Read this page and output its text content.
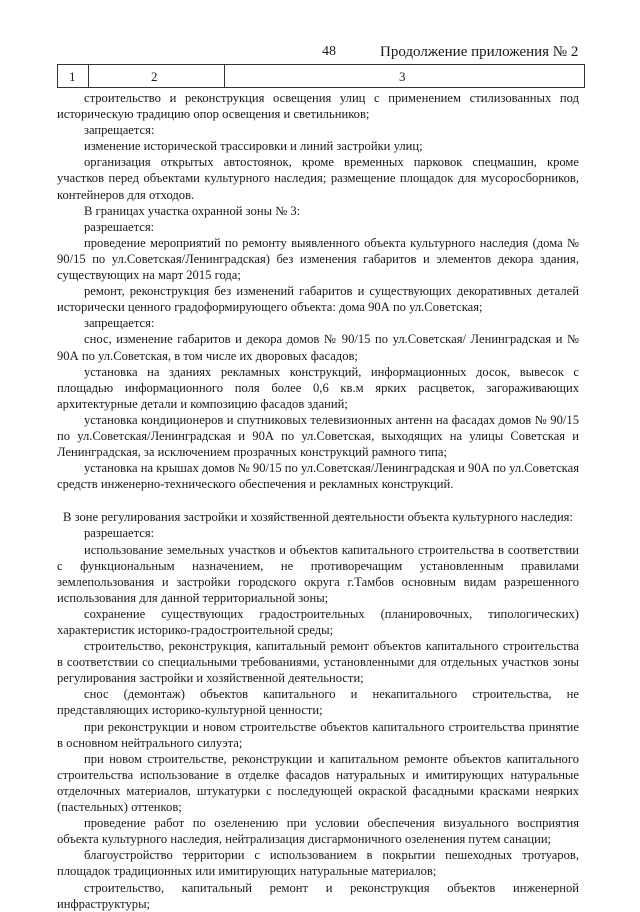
48	Продолжение приложения № 2
1	2	3

строительство и реконструкция освещения улиц с применением стилизованных под историческую традицию опор освещения и светильников;

запрещается:

изменение исторической трассировки и линий застройки улиц;

организация открытых автостоянок, кроме временных парковок спецмашин, кроме участков перед объектами культурного наследия; размещение площадок для мусоросборников, контейнеров для отходов.

В границах участка охранной зоны № 3:

разрешается:

проведение мероприятий по ремонту выявленного объекта культурного наследия (дома № 90/15 по ул.Советская/Ленинградская) без изменения габаритов и элементов декора здания, существующих на март 2015 года;

ремонт, реконструкция без изменений габаритов и существующих декоративных деталей исторически ценного градоформирующего объекта: дома 90А по ул.Советская;

запрещается:

снос, изменение габаритов и декора домов № 90/15 по ул.Советская/ Ленинградская и № 90А по ул.Советская, в том числе их дворовых фасадов;

установка на зданиях рекламных конструкций, информационных досок, вывесок с площадью информационного поля более 0,6 кв.м ярких расцветок, загораживающих архитектурные детали и композицию фасадов зданий;

установка кондиционеров и спутниковых телевизионных антенн на фасадах домов № 90/15 по ул.Советская/Ленинградская и 90А по ул.Советская, выходящих на улицы Советская и Ленинградская, за исключением прозрачных конструкций рамного типа;

установка на крышах домов № 90/15 по ул.Советская/Ленинградская и 90А по ул.Советская средств инженерно-технического обеспечения и рекламных конструкций.

В зоне регулирования застройки и хозяйственной деятельности объекта культурного наследия:

разрешается:

использование земельных участков и объектов капитального строительства в соответствии с функциональным назначением, не противоречащим установленным правилами землепользования и застройки городского округа г.Тамбов основным видам разрешенного использования для данной территориальной зоны;

сохранение существующих градостроительных (планировочных, типологических) характеристик историко-градостроительной среды;

строительство, реконструкция, капитальный ремонт объектов капитального строительства в соответствии со специальными требованиями, установленными для отдельных участков зоны регулирования застройки и хозяйственной деятельности;

снос (демонтаж) объектов капитального и некапитального строительства, не представляющих историко-культурной ценности;

при реконструкции и новом строительстве объектов капитального строительства принятие в основном нейтрального силуэта;

при новом строительстве, реконструкции и капитальном ремонте объектов капитального строительства использование в отделке фасадов натуральных и имитирующих натуральные отделочных материалов, штукатурки с последующей окраской фасадными красками неярких (пастельных) оттенков;

проведение работ по озеленению при условии обеспечения визуального восприятия объекта культурного наследия, нейтрализация дисгармоничного озеленения путем санации;

благоустройство территории с использованием в покрытии пешеходных тротуаров, площадок традиционных или имитирующих натуральные материалов;

строительство, капитальный ремонт и реконструкция объектов инженерной инфраструктуры;
